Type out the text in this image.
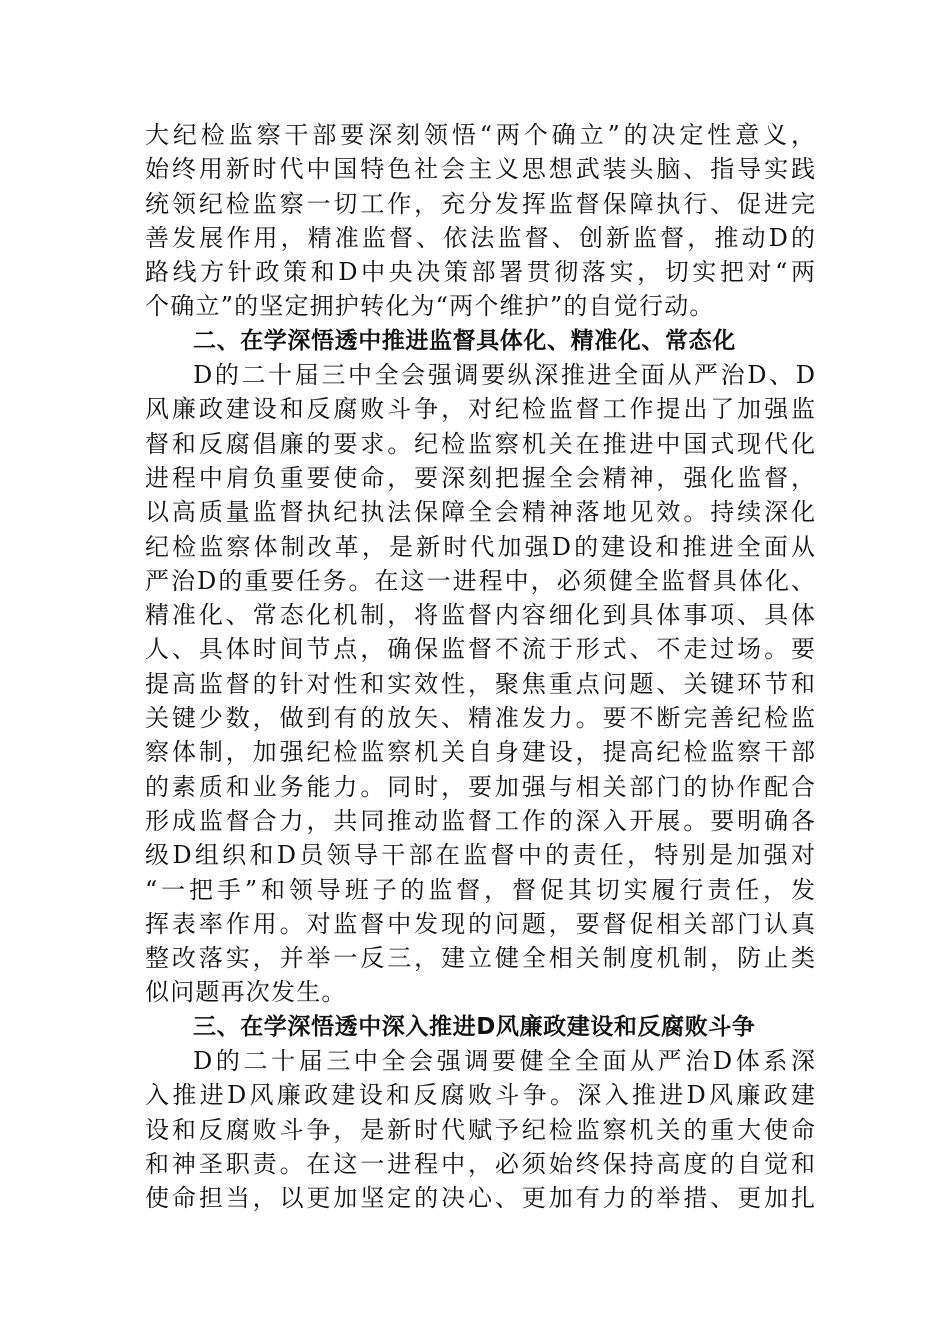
大纪检监察干部要深刻领悟“两个确立”的决定性意义，
始终用新时代中国特色社会主义思想武装头脑、指导实践
统领纪检监察一切工作，充分发挥监督保障执行、促进完
善发展作用，精准监督、依法监督、创新监督，推动D的
路线方针政策和D中央决策部署贯彻落实，切实把对“两
个确立”的坚定拥护转化为“两个维护”的自觉行动。
二、在学深悟透中推进监督具体化、精准化、常态化
D的二十届三中全会强调要纵深推进全面从严治D、D
风廉政建设和反腐败斗争，对纪检监督工作提出了加强监
督和反腐倡廉的要求。纪检监察机关在推进中国式现代化
进程中肩负重要使命，要深刻把握全会精神，强化监督，
以高质量监督执纪执法保障全会精神落地见效。持续深化
纪检监察体制改革，是新时代加强D的建设和推进全面从
严治D的重要任务。在这一进程中，必须健全监督具体化、
精准化、常态化机制，将监督内容细化到具体事项、具体
人、具体时间节点，确保监督不流于形式、不走过场。要
提高监督的针对性和实效性，聚焦重点问题、关键环节和
关键少数，做到有的放矢、精准发力。要不断完善纪检监
察体制，加强纪检监察机关自身建设，提高纪检监察干部
的素质和业务能力。同时，要加强与相关部门的协作配合
形成监督合力，共同推动监督工作的深入开展。要明确各
级D组织和D员领导干部在监督中的责任，特别是加强对
“一把手”和领导班子的监督，督促其切实履行责任，发
挥表率作用。对监督中发现的问题，要督促相关部门认真
整改落实，并举一反三，建立健全相关制度机制，防止类
似问题再次发生。
三、在学深悟透中深入推进D风廉政建设和反腐败斗争
D的二十届三中全会强调要健全全面从严治D体系深
入推进D风廉政建设和反腐败斗争。深入推进D风廉政建
设和反腐败斗争，是新时代赋予纪检监察机关的重大使命
和神圣职责。在这一进程中，必须始终保持高度的自觉和
使命担当，以更加坚定的决心、更加有力的举措、更加扎
